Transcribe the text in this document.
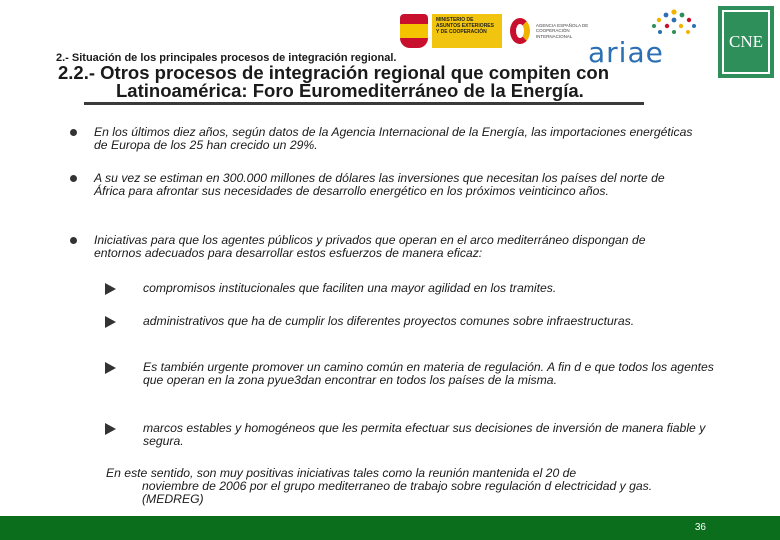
MINISTERIO DE ASUNTOS EXTERIORES Y DE COOPERACIÓN
AGENCIA ESPAÑOLA DE COOPERACIÓN INTERNACIONAL ariae	CNE
2.- Situación de los principales procesos de integración regional.
2.2.- Otros procesos de integración regional que compiten con
Latinoamérica: Foro Euromediterráneo de la Energía.
En los últimos diez años, según datos de la Agencia Internacional de la Energía, las importaciones energéticas de Europa de los 25 han crecido un 29%.
A su vez se estiman en 300.000 millones de dólares las inversiones que necesitan los países del norte de África para afrontar sus necesidades de desarrollo energético en los próximos veinticinco años.
Iniciativas para que los agentes públicos y privados que operan en el arco mediterráneo dispongan de entornos adecuados para desarrollar estos esfuerzos de manera eficaz:
compromisos institucionales que faciliten una mayor agilidad en los tramites.
administrativos que ha de cumplir los diferentes proyectos comunes sobre infraestructuras.
Es también urgente promover un camino común en materia de regulación. A fin d e que todos los agentes que operan en la zona pyue3dan encontrar en todos los países de la misma.
marcos estables y homogéneos que les permita efectuar sus decisiones de inversión de manera fiable y segura.
En este sentido, son muy positivas iniciativas tales como la reunión mantenida el 20 de
noviembre de 2006 por el grupo mediterraneo de trabajo sobre regulación d electricidad y gas. (MEDREG)
36
